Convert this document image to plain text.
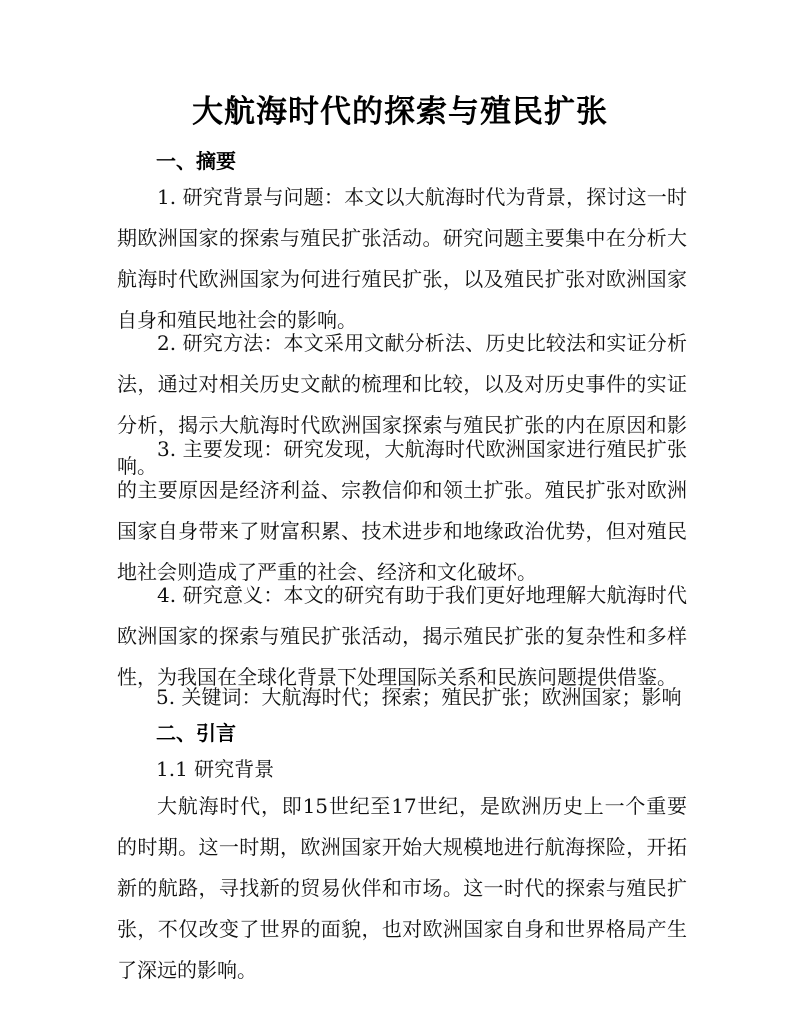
大航海时代的探索与殖民扩张
一、摘要

1. 研究背景与问题：本文以大航海时代为背景，探讨这一时期欧洲国家的探索与殖民扩张活动。研究问题主要集中在分析大航海时代欧洲国家为何进行殖民扩张，以及殖民扩张对欧洲国家自身和殖民地社会的影响。

2. 研究方法：本文采用文献分析法、历史比较法和实证分析法，通过对相关历史文献的梳理和比较，以及对历史事件的实证分析，揭示大航海时代欧洲国家探索与殖民扩张的内在原因和影响。

3. 主要发现：研究发现，大航海时代欧洲国家进行殖民扩张的主要原因是经济利益、宗教信仰和领土扩张。殖民扩张对欧洲国家自身带来了财富积累、技术进步和地缘政治优势，但对殖民地社会则造成了严重的社会、经济和文化破坏。

4. 研究意义：本文的研究有助于我们更好地理解大航海时代欧洲国家的探索与殖民扩张活动，揭示殖民扩张的复杂性和多样性，为我国在全球化背景下处理国际关系和民族问题提供借鉴。

5. 关键词：大航海时代；探索；殖民扩张；欧洲国家；影响

二、引言

1.1 研究背景

大航海时代，即15世纪至17世纪，是欧洲历史上一个重要的时期。这一时期，欧洲国家开始大规模地进行航海探险，开拓新的航路，寻找新的贸易伙伴和市场。这一时代的探索与殖民扩张，不仅改变了世界的面貌，也对欧洲国家自身和世界格局产生了深远的影响。
